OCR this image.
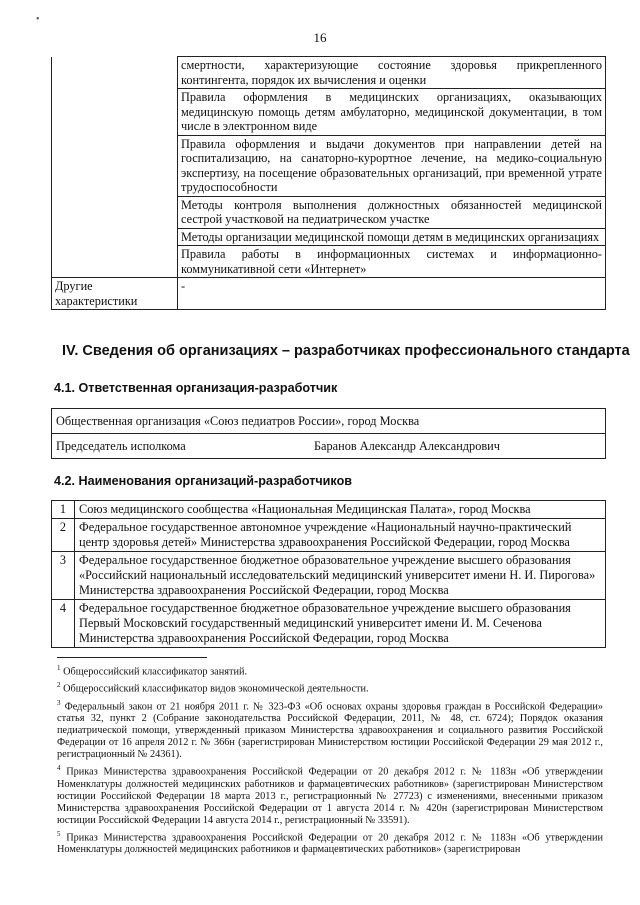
•
16
	смертности, характеризующие состояние здоровья прикрепленного контингента, порядок их вычисления и оценки
	Правила оформления в медицинских организациях, оказывающих медицинскую помощь детям амбулаторно, медицинской документации, в том числе в электронном виде
	Правила оформления и выдачи документов при направлении детей на госпитализацию, на санаторно-курортное лечение, на медико-социальную экспертизу, на посещение образовательных организаций, при временной утрате трудоспособности
	Методы контроля выполнения должностных обязанностей медицинской сестрой участковой на педиатрическом участке
	Методы организации медицинской помощи детям в медицинских организациях
	Правила работы в информационных системах и информационно-коммуникативной сети «Интернет»
Другие характеристики	-
IV. Сведения об организациях – разработчиках профессионального стандарта
4.1. Ответственная организация-разработчик
Общественная организация «Союз педиатров России», город Москва
Председатель исполкома	Баранов Александр Александрович
4.2. Наименования организаций-разработчиков
1	Союз медицинского сообщества «Национальная Медицинская Палата», город Москва
2	Федеральное государственное автономное учреждение «Национальный научно-практический центр здоровья детей» Министерства здравоохранения Российской Федерации, город Москва
3	Федеральное государственное бюджетное образовательное учреждение высшего образования «Российский национальный исследовательский медицинский университет имени Н. И. Пирогова» Министерства здравоохранения Российской Федерации, город Москва
4	Федеральное государственное бюджетное образовательное учреждение высшего образования Первый Московский государственный медицинский университет имени И. М. Сеченова Министерства здравоохранения Российской Федерации, город Москва

$^1$ Общероссийский классификатор занятий.

$^2$ Общероссийский классификатор видов экономической деятельности.

$^3$ Федеральный закон от 21 ноября 2011 г. № 323-ФЗ «Об основах охраны здоровья граждан в Российской Федерации» статья 32, пункт 2 (Собрание законодательства Российской Федерации, 2011, № 48, ст. 6724); Порядок оказания педиатрической помощи, утвержденный приказом Министерства здравоохранения и социального развития Российской Федерации от 16 апреля 2012 г. № 366н (зарегистрирован Министерством юстиции Российской Федерации 29 мая 2012 г., регистрационный № 24361).

$^4$ Приказ Министерства здравоохранения Российской Федерации от 20 декабря 2012 г. № 1183н «Об утверждении Номенклатуры должностей медицинских работников и фармацевтических работников» (зарегистрирован Министерством юстиции Российской Федерации 18 марта 2013 г., регистрационный № 27723) с изменениями, внесенными приказом Министерства здравоохранения Российской Федерации от 1 августа 2014 г. № 420н (зарегистрирован Министерством юстиции Российской Федерации 14 августа 2014 г., регистрационный № 33591).

$^5$ Приказ Министерства здравоохранения Российской Федерации от 20 декабря 2012 г. № 1183н «Об утверждении Номенклатуры должностей медицинских работников и фармацевтических работников» (зарегистрирован
